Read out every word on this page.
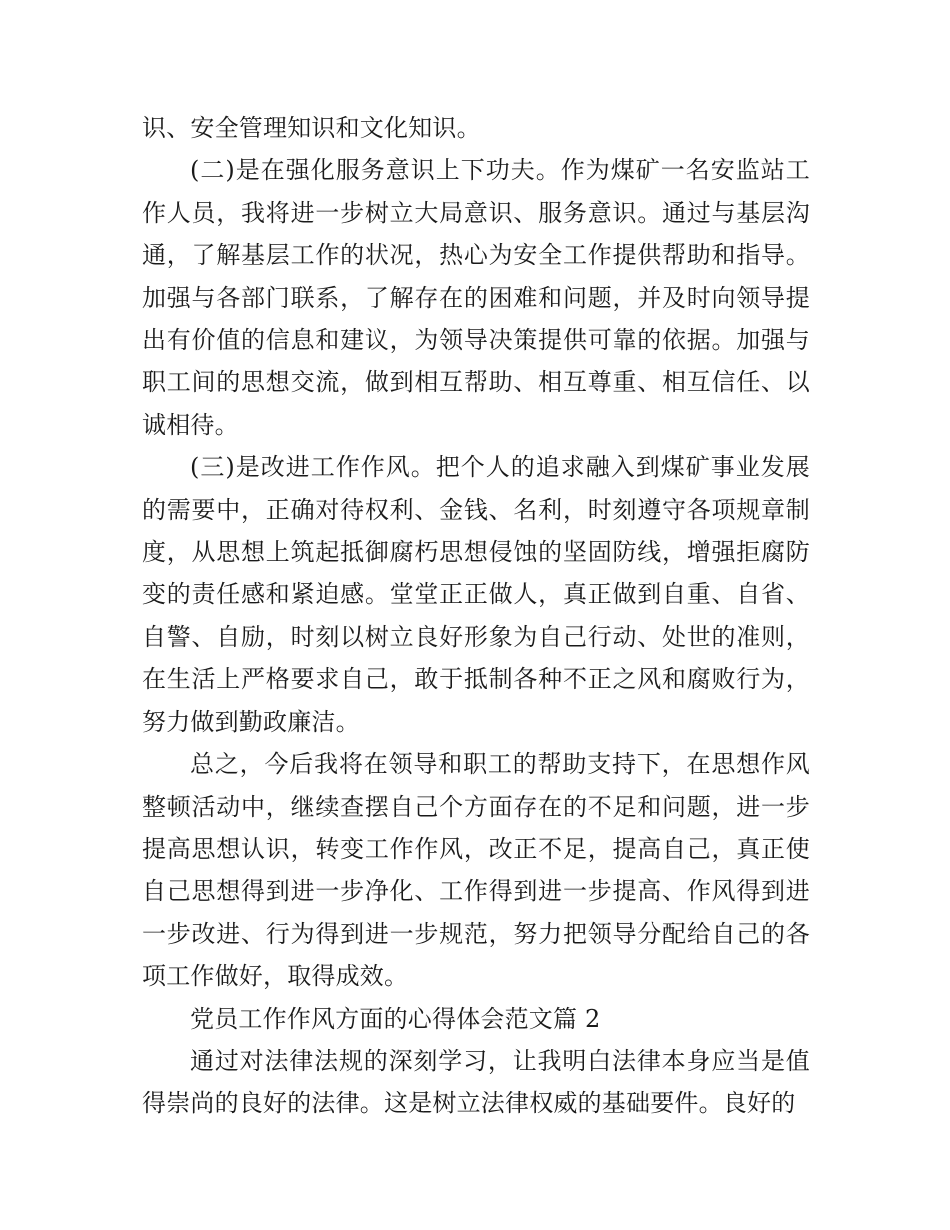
识、安全管理知识和文化知识。

(二)是在强化服务意识上下功夫。作为煤矿一名安监站工作人员，我将进一步树立大局意识、服务意识。通过与基层沟通，了解基层工作的状况，热心为安全工作提供帮助和指导。加强与各部门联系，了解存在的困难和问题，并及时向领导提出有价值的信息和建议，为领导决策提供可靠的依据。加强与职工间的思想交流，做到相互帮助、相互尊重、相互信任、以诚相待。

(三)是改进工作作风。把个人的追求融入到煤矿事业发展的需要中，正确对待权利、金钱、名利，时刻遵守各项规章制度，从思想上筑起抵御腐朽思想侵蚀的坚固防线，增强拒腐防变的责任感和紧迫感。堂堂正正做人，真正做到自重、自省、自警、自励，时刻以树立良好形象为自己行动、处世的准则，在生活上严格要求自己，敢于抵制各种不正之风和腐败行为，努力做到勤政廉洁。

总之，今后我将在领导和职工的帮助支持下，在思想作风整顿活动中，继续查摆自己个方面存在的不足和问题，进一步提高思想认识，转变工作作风，改正不足，提高自己，真正使自己思想得到进一步净化、工作得到进一步提高、作风得到进一步改进、行为得到进一步规范，努力把领导分配给自己的各项工作做好，取得成效。

党员工作作风方面的心得体会范文篇 2

通过对法律法规的深刻学习，让我明白法律本身应当是值得崇尚的良好的法律。这是树立法律权威的基础要件。良好的
